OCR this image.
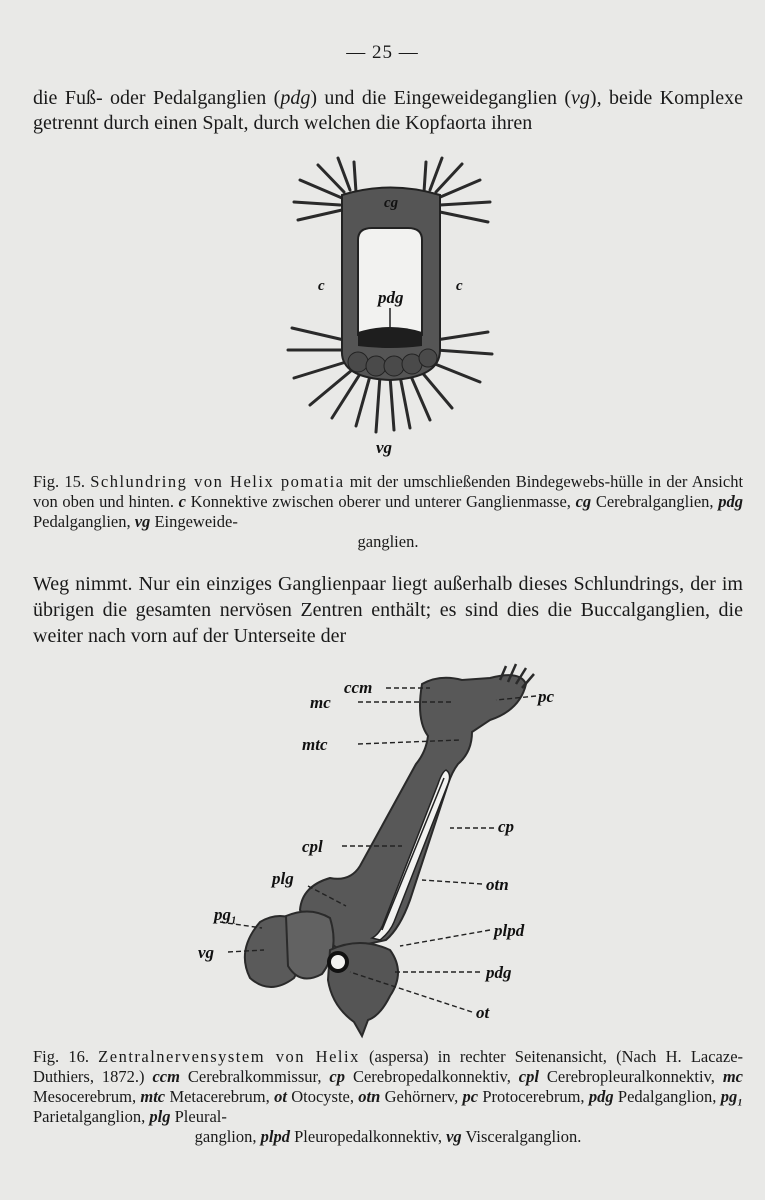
— 25 —

die Fuß- oder Pedalganglien (pdg) und die Eingeweideganglien (vg), beide Komplexe getrennt durch einen Spalt, durch welchen die Kopfaorta ihren

cg
c	c
pdg
vg
Fig. 15. Schlundring von Helix pomatia mit der umschließenden Bindegewebs-hülle in der Ansicht von oben und hinten. c Konnektive zwischen oberer und unterer Ganglienmasse, cg Cerebralganglien, pdg Pedalganglien, vg Eingeweide-
ganglien.

Weg nimmt. Nur ein einziges Ganglienpaar liegt außerhalb dieses Schlundrings, der im übrigen die gesamten nervösen Zentren enthält; es sind dies die Buccalganglien, die weiter nach vorn auf der Unterseite der

ccm
mc	pc
mtc
cpl
cp
plg	otn
pg₁
plpd
vg
pdg
ot
Fig. 16. Zentralnervensystem von Helix (aspersa) in rechter Seitenansicht, (Nach H. Lacaze-Duthiers, 1872.) ccm Cerebralkommissur, cp Cerebropedalkonnektiv, cpl Cerebropleuralkonnektiv, mc Mesocerebrum, mtc Metacerebrum, ot Otocyste, otn Gehörnerv, pc Protocerebrum, pdg Pedalganglion, pg₁ Parietalganglion, plg Pleural-
ganglion, plpd Pleuropedalkonnektiv, vg Visceralganglion.
